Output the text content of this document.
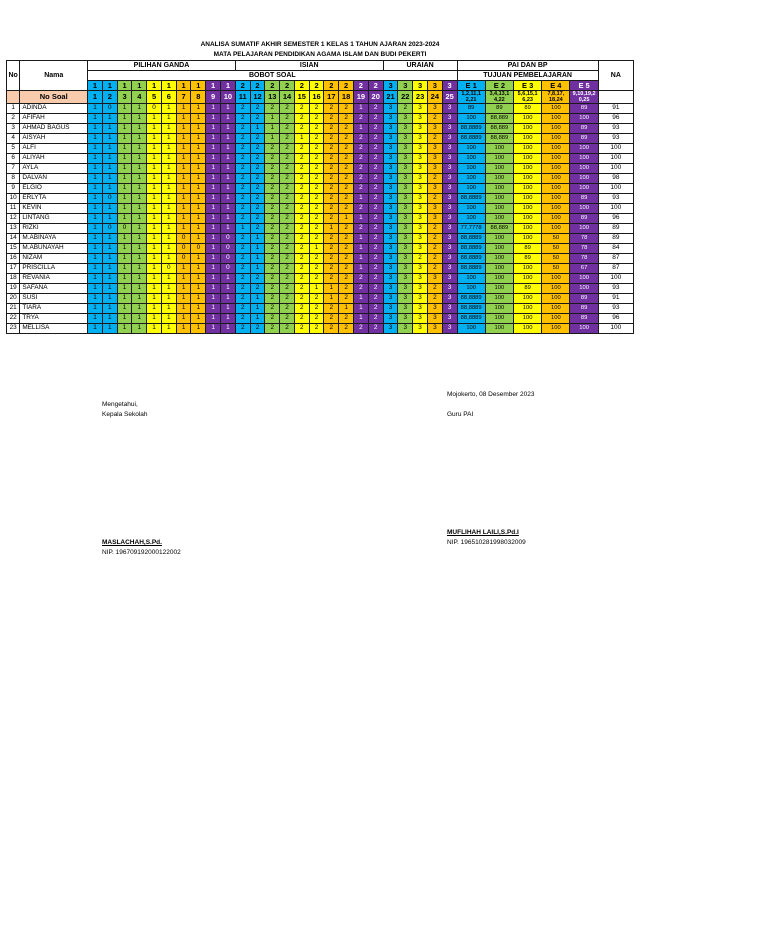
ANALISA SUMATIF AKHIR SEMESTER 1 KELAS 1 TAHUN AJARAN 2023-2024
MATA PELAJARAN PENDIDIKAN AGAMA ISLAM DAN BUDI PEKERTI
No	Nama	PILIHAN GANDA										ISIAN										URAIAN					PAI DAN BP					NA
		BOBOT SOAL																									TUJUAN PEMBELAJARAN					
		1	1	1	1	1	1	1	1	1	1	2	2	2	2	2	2	2	2	2	2	3	3	3	3	3	E 1	E 2	E 3	E 4	E 5	
	No Soal	1	2	3	4	5	6	7	8	9	10	11	12	13	14	15	16	17	18	19	20	21	22	23	24	25	1,2,11,1 2,21	3,4,13,1 4,22	5,6,15,1 6,23	7,8,17, 18,24	9,10,19,2 0,25	
1	ADINDA	1	0	1	1	0	1	1	1	1	1	2	2	2	2	2	2	2	2	1	2	3	2	3	3	3	89	89	89	100	89	91
2	AFIFAH	1	1	1	1	1	1	1	1	1	1	2	2	1	2	2	2	2	2	2	2	3	3	3	2	3	100	88,889	100	100	100	96
3	AHMAD BAGUS	1	1	1	1	1	1	1	1	1	1	2	1	1	2	2	2	2	2	1	2	3	3	3	3	3	88,8889	88,889	100	100	89	93
4	AISYAH	1	1	1	1	1	1	1	1	1	1	2	2	1	2	1	2	2	2	2	2	3	3	3	2	3	88,8889	88,889	100	100	89	93
5	ALFI	1	1	1	1	1	1	1	1	1	1	2	2	2	2	2	2	2	2	2	2	3	3	3	3	3	100	100	100	100	100	100
6	ALIYAH	1	1	1	1	1	1	1	1	1	1	2	2	2	2	2	2	2	2	2	2	3	3	3	3	3	100	100	100	100	100	100
7	AYLA	1	1	1	1	1	1	1	1	1	1	2	2	2	2	2	2	2	2	2	2	3	3	3	3	3	100	100	100	100	100	100
8	DALVAN	1	1	1	1	1	1	1	1	1	1	2	2	2	2	2	2	2	2	2	2	3	3	3	2	3	100	100	100	100	100	98
9	ELGIO	1	1	1	1	1	1	1	1	1	1	2	2	2	2	2	2	2	2	2	2	3	3	3	3	3	100	100	100	100	100	100
10	ERLYTA	1	0	1	1	1	1	1	1	1	1	2	2	2	2	2	2	2	2	1	2	3	3	3	2	3	88,8889	100	100	100	89	93
11	KEVIN	1	1	1	1	1	1	1	1	1	1	2	2	2	2	2	2	2	2	2	2	3	3	3	3	3	100	100	100	100	100	100
12	LINTANG	1	1	1	1	1	1	1	1	1	1	2	2	2	2	2	2	2	1	1	2	3	3	3	3	3	100	100	100	100	89	96
13	RIZKI	1	0	0	1	1	1	1	1	1	1	1	2	2	2	2	2	1	2	2	2	3	3	3	2	3	77,7778	88,889	100	100	100	89
14	M.ABINAYA	1	1	1	1	1	1	0	1	1	0	2	1	2	2	2	2	2	2	1	2	3	3	3	2	3	88,8889	100	100	50	78	89
15	M.ABUNAYAH	1	1	1	1	1	1	0	0	1	0	2	1	2	2	2	1	2	2	1	2	3	3	3	2	3	88,8889	100	89	50	78	84
16	NIZAM	1	1	1	1	1	1	0	1	1	0	2	1	2	2	2	2	2	2	1	2	3	3	2	2	3	88,8889	100	89	50	78	87
17	PRISCILLA	1	1	1	1	1	0	1	1	1	0	2	1	2	2	2	2	2	2	1	2	3	3	3	2	3	88,8889	100	100	50	67	87
18	REVANIA	1	1	1	1	1	1	1	1	1	1	2	2	2	2	2	2	2	2	2	2	3	3	3	3	3	100	100	100	100	100	100
19	SAFANA	1	1	1	1	1	1	1	1	1	1	2	2	2	2	2	1	1	2	2	2	3	3	3	2	3	100	100	89	100	100	93
20	SUSI	1	1	1	1	1	1	1	1	1	1	2	1	2	2	2	2	1	2	1	2	3	3	3	2	3	88,8889	100	100	100	89	91
21	TIARA	1	1	1	1	1	1	1	1	1	1	2	1	2	2	2	2	2	1	1	2	3	3	3	3	3	88,8889	100	100	100	89	93
22	TRYA	1	1	1	1	1	1	1	1	1	1	2	1	2	2	2	2	2	2	1	2	3	3	3	3	3	88,8889	100	100	100	89	96
23	MELLISA	1	1	1	1	1	1	1	1	1	1	2	2	2	2	2	2	2	2	2	2	3	3	3	3	3	100	100	100	100	100	100
Mengetahui,
Kepala Sekolah
MASLACHAH,S.Pd.
NIP. 196709192000122002
Mojokerto, 08 Desember 2023
Guru PAI
MUFLIHAH LAILI,S.Pd.I
NIP. 196510281998032009
